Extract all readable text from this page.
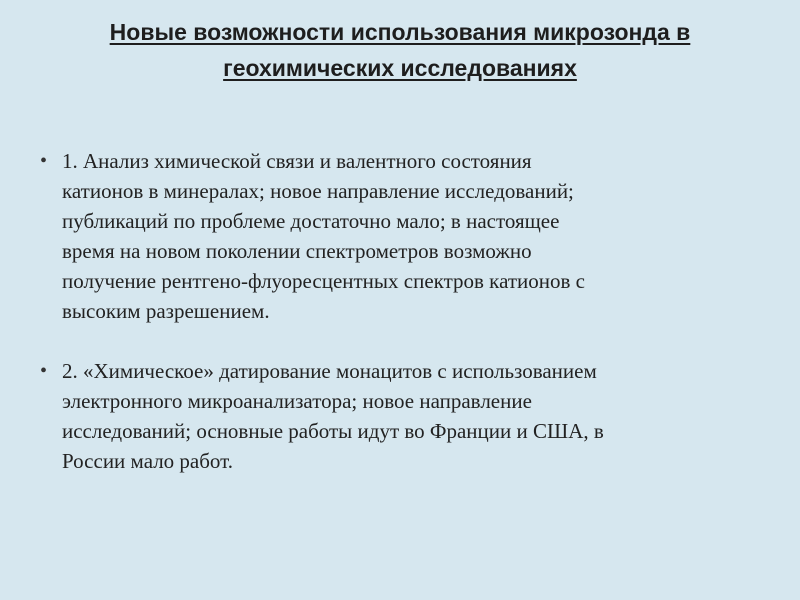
Новые возможности использования микрозонда в
геохимических исследованиях
• 1. Анализ химической связи и валентного состояния
катионов в минералах; новое направление исследований;
публикаций по проблеме достаточно мало; в настоящее
время на новом поколении спектрометров возможно
получение рентгено-флуоресцентных спектров катионов с
высоким разрешением.
• 2. «Химическое» датирование монацитов с использованием
электронного микроанализатора; новое направление
исследований; основные работы идут во Франции и США, в
России мало работ.
